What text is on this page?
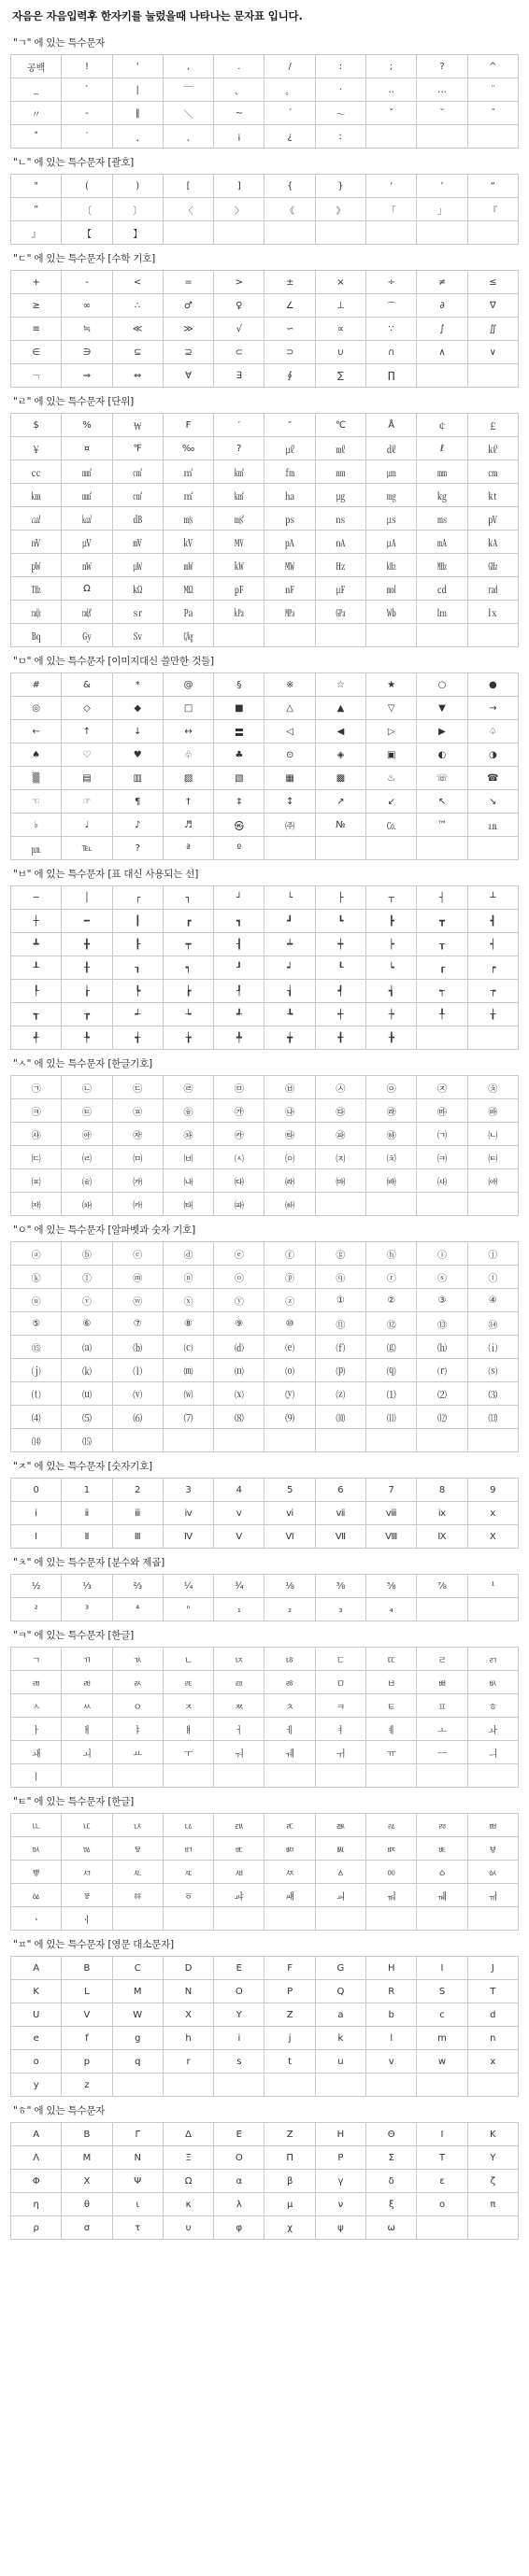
자음은 자음입력후 한자키를 눌렀을때 나타나는 문자표 입니다.
"ㄱ" 에 있는 특수문자
공백	!	'	,	.	/	:	;	?	^
_	`	|	￣	、	。	·	‥	…	¨
〃	-	‖	＼	∼	´	～	ˇ	˘	˝
˚	˙	¸	˛	¡	¿	ː			
"ㄴ" 에 있는 특수문자 [괄호]
"	(	)	[	]	{	}	‘	’	“
”	〔	〕	〈	〉	《	》	「	」	『
』	【	】							
"ㄷ" 에 있는 특수문자 [수학 기호]
+	-	<	=	>	±	×	÷	≠	≤
≥	∞	∴	♂	♀	∠	⊥	⌒	∂	∇
≡	≒	≪	≫	√	∽	∝	∵	∫	∬
∈	∋	⊆	⊇	⊂	⊃	∪	∩	∧	∨
￢	⇒	⇔	∀	∃	∮	∑	∏		
"ㄹ" 에 있는 특수문자 [단위]
$	%	￦	F	′	″	℃	Å	￠	￡
￥	¤	℉	‰	?	㎕	㎖	㎗	ℓ	㎘
㏄	㎣	㎤	㎥	㎦	㎙	㎚	㎛	㎜	㎝
㎞	㎟	㎠	㎡	㎢	㏊	㎍	㎎	㎏	㏏
㎈	㎉	㏈	㎧	㎨	㎰	㎱	㎲	㎳	㎴
㎵	㎶	㎷	㎸	㎹	㎀	㎁	㎂	㎃	㎄
㎺	㎻	㎼	㎽	㎾	㎿	㎐	㎑	㎒	㎓
㎔	Ω	㏀	㏁	㎊	㎋	㎌	㏖	㏅	㎭
㎮	㎯	㏛	㎩	㎪	㎫	㎬	㏝	㏐	㏓
㏃	㏉	㏜	㏆						
"ㅁ" 에 있는 특수문자 [이미지대신 쓸만한 것들]
#	&	*	@	§	※	☆	★	○	●
◎	◇	◆	□	■	△	▲	▽	▼	→
←	↑	↓	↔	〓	◁	◀	▷	▶	♤
♠	♡	♥	♧	♣	⊙	◈	▣	◐	◑
▒	▤	▥	▨	▧	▦	▩	♨	☏	☎
☜	☞	¶	†	‡	↕	↗	↙	↖	↘
♭	♩	♪	♬	㉿	㈜	№	㏇	™	㏂
㏘	℡	?	ª	º					
"ㅂ" 에 있는 특수문자 [표 대신 사용되는 선]
─	│	┌	┐	┘	└	├	┬	┤	┴
┼	━	┃	┏	┓	┛	┗	┣	┳	┫
┻	╋	┠	┯	┨	┷	┿	┝	┰	┥
┸	╂	┒	┑	┚	┙	┖	┕	┎	┍
┞	┟	┡	┢	┦	┧	┩	┪	┭	┮
┱	┲	┵	┶	┹	┺	┽	┾	╀	╁
╃	╄	╅	╆	╇	╈	╉	╊		
"ㅅ" 에 있는 특수문자 [한글기호]
㉠	㉡	㉢	㉣	㉤	㉥	㉦	㉧	㉨	㉩
㉪	㉫	㉬	㉭	㉮	㉯	㉰	㉱	㉲	㉳
㉴	㉵	㉶	㉷	㉸	㉹	㉺	㉻	㈀	㈁
㈂	㈃	㈄	㈅	㈆	㈇	㈈	㈉	㈊	㈋
㈌	㈍	㈎	㈏	㈐	㈑	㈒	㈓	㈔	㈕
㈖	㈗	㈘	㈙	㈚	㈛				
"ㅇ" 에 있는 특수문자 [알파벳과 숫자 기호]
ⓐ	ⓑ	ⓒ	ⓓ	ⓔ	ⓕ	ⓖ	ⓗ	ⓘ	ⓙ
ⓚ	ⓛ	ⓜ	ⓝ	ⓞ	ⓟ	ⓠ	ⓡ	ⓢ	ⓣ
ⓤ	ⓥ	ⓦ	ⓧ	ⓨ	ⓩ	①	②	③	④
⑤	⑥	⑦	⑧	⑨	⑩	⑪	⑫	⑬	⑭
⑮	⒜	⒝	⒞	⒟	⒠	⒡	⒢	⒣	⒤
⒥	⒦	⒧	⒨	⒩	⒪	⒫	⒬	⒭	⒮
⒯	⒰	⒱	⒲	⒳	⒴	⒵	⑴	⑵	⑶
⑷	⑸	⑹	⑺	⑻	⑼	⑽	⑾	⑿	⒀
⒁	⒂								
"ㅈ" 에 있는 특수문자 [숫자기호]
0	1	2	3	4	5	6	7	8	9
ⅰ	ⅱ	ⅲ	ⅳ	ⅴ	ⅵ	ⅶ	ⅷ	ⅸ	ⅹ
Ⅰ	Ⅱ	Ⅲ	Ⅳ	Ⅴ	Ⅵ	Ⅶ	Ⅷ	Ⅸ	Ⅹ
"ㅊ" 에 있는 특수문자 [분수와 제곱]
½	⅓	⅔	¼	¾	⅛	⅜	⅝	⅞	¹
²	³	⁴	ⁿ	₁	₂	₃	₄		
"ㅋ" 에 있는 특수문자 [한글]
ㄱ	ㄲ	ㄳ	ㄴ	ㄵ	ㄶ	ㄷ	ㄸ	ㄹ	ㄺ
ㄻ	ㄼ	ㄽ	ㄾ	ㄿ	ㅀ	ㅁ	ㅂ	ㅃ	ㅄ
ㅅ	ㅆ	ㅇ	ㅈ	ㅉ	ㅊ	ㅋ	ㅌ	ㅍ	ㅎ
ㅏ	ㅐ	ㅑ	ㅒ	ㅓ	ㅔ	ㅕ	ㅖ	ㅗ	ㅘ
ㅙ	ㅚ	ㅛ	ㅜ	ㅝ	ㅞ	ㅟ	ㅠ	ㅡ	ㅢ
ㅣ									
"ㅌ" 에 있는 특수문자 [한글]
ㅥ	ㅦ	ㅧ	ㅨ	ㅩ	ㅪ	ㅫ	ㅬ	ㅭ	ㅮ
ㅯ	ㅰ	ㅱ	ㅲ	ㅳ	ㅴ	ㅵ	ㅶ	ㅷ	ㅸ
ㅹ	ㅺ	ㅻ	ㅼ	ㅽ	ㅾ	ㅿ	ㆀ	ㆁ	ㆂ
ㆃ	ㆄ	ㆅ	ㆆ	ㆇ	ㆈ	ㆉ	ㆊ	ㆋ	ㆌ
ㆍ	ㆎ								
"ㅍ" 에 있는 특수문자 [영문 대소문자]
A	B	C	D	E	F	G	H	I	J
K	L	M	N	O	P	Q	R	S	T
U	V	W	X	Y	Z	a	b	c	d
e	f	g	h	i	j	k	l	m	n
o	p	q	r	s	t	u	v	w	x
y	z								
"ㅎ" 에 있는 특수문자
Α	Β	Γ	Δ	Ε	Ζ	Η	Θ	Ι	Κ
Λ	Μ	Ν	Ξ	Ο	Π	Ρ	Σ	Τ	Υ
Φ	Χ	Ψ	Ω	α	β	γ	δ	ε	ζ
η	θ	ι	κ	λ	μ	ν	ξ	ο	π
ρ	σ	τ	υ	φ	χ	ψ	ω		
